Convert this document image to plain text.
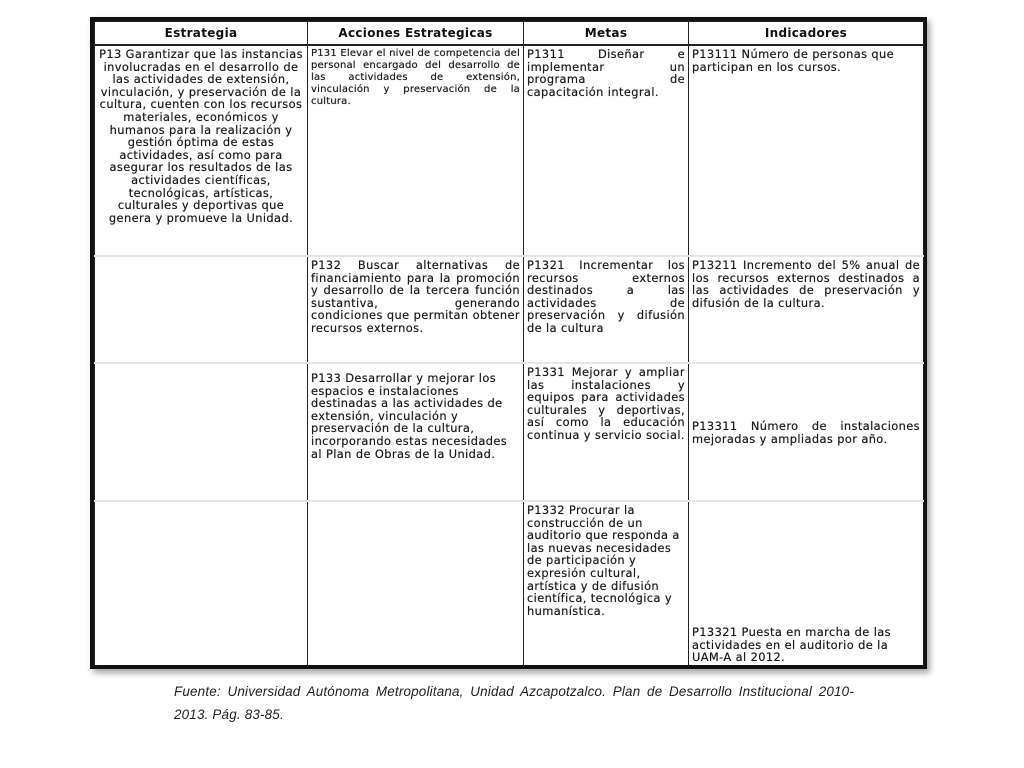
Estrategia	Acciones Estrategicas	Metas	Indicadores
P13 Garantizar que las instancias involucradas en el desarrollo de las actividades de extensión, vinculación, y preservación de la cultura, cuenten con los recursos materiales, económicos y humanos para la realización y gestión óptima de estas actividades, así como para asegurar los resultados de las actividades científicas, tecnológicas, artísticas, culturales y deportivas que genera y promueve la Unidad.	P131 Elevar el nivel de competencia del personal encargado del desarrollo de las actividades de extensión, vinculación y preservación de la cultura.	P1311 Diseñar e implementar un programa de capacitación integral.	P13111 Número de personas que participan en los cursos.
	P132 Buscar alternativas de financiamiento para la promoción y desarrollo de la tercera función sustantiva, generando condiciones que permitan obtener recursos externos.	P1321 Incrementar los recursos externos destinados a las actividades de preservación y difusión de la cultura	P13211 Incremento del 5% anual de los recursos externos destinados a las actividades de preservación y difusión de la cultura.
	P133 Desarrollar y mejorar los espacios e instalaciones destinadas a las actividades de extensión, vinculación y preservación de la cultura, incorporando estas necesidades al Plan de Obras de la Unidad.	P1331 Mejorar y ampliar las instalaciones y equipos para actividades culturales y deportivas, así como la educación continua y servicio social.	P13311 Número de instalaciones mejoradas y ampliadas por año.
		P1332 Procurar la construcción de un auditorio que responda a las nuevas necesidades de participación y expresión cultural, artística y de difusión científica, tecnológica y humanística.	P13321 Puesta en marcha de las actividades en el auditorio de la UAM-A al 2012.
Fuente: Universidad Autónoma Metropolitana, Unidad Azcapotzalco. Plan de Desarrollo Institucional 2010-2013. Pág. 83-85.
